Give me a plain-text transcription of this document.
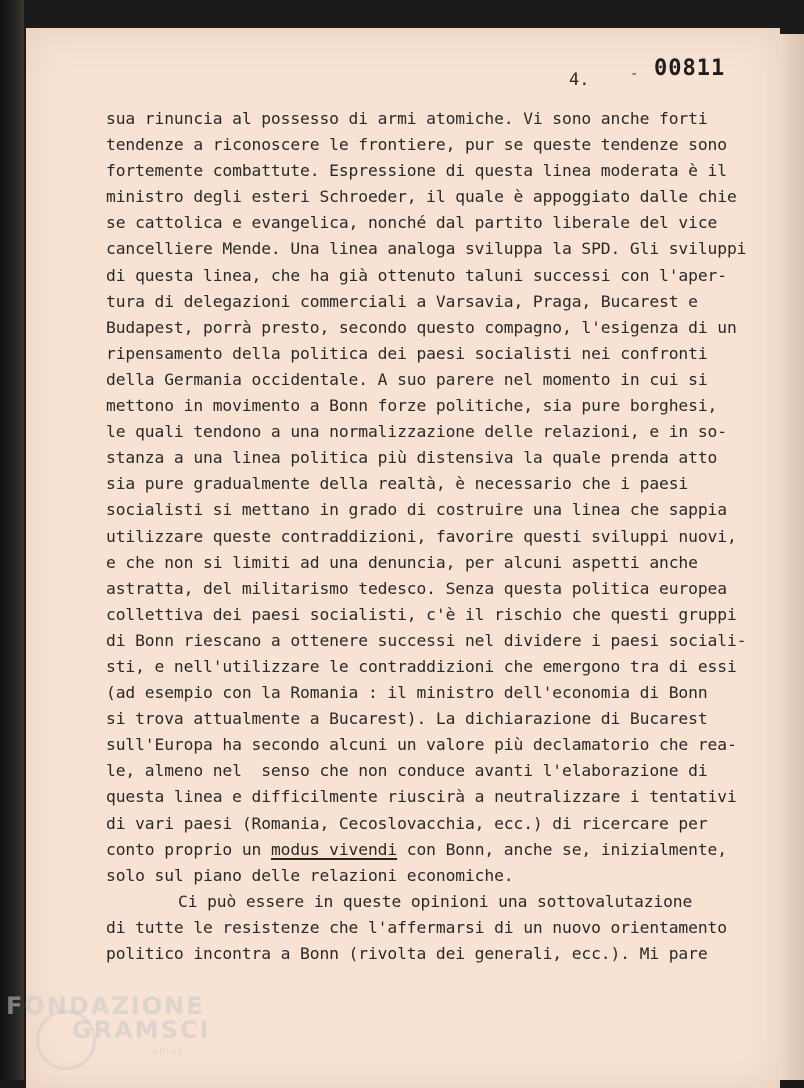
4.	- 00811
sua rinuncia al possesso di armi atomiche. Vi sono anche forti
tendenze a riconoscere le frontiere, pur se queste tendenze sono
fortemente combattute. Espressione di questa linea moderata è il
ministro degli esteri Schroeder, il quale è appoggiato dalle chie
se cattolica e evangelica, nonché dal partito liberale del vice
cancelliere Mende. Una linea analoga sviluppa la SPD. Gli sviluppi
di questa linea, che ha già ottenuto taluni successi con l'aper-
tura di delegazioni commerciali a Varsavia, Praga, Bucarest e
Budapest, porrà presto, secondo questo compagno, l'esigenza di un
ripensamento della politica dei paesi socialisti nei confronti
della Germania occidentale. A suo parere nel momento in cui si
mettono in movimento a Bonn forze politiche, sia pure borghesi,
le quali tendono a una normalizzazione delle relazioni, e in so-
stanza a una linea politica più distensiva la quale prenda atto
sia pure gradualmente della realtà, è necessario che i paesi
socialisti si mettano in grado di costruire una linea che sappia
utilizzare queste contraddizioni, favorire questi sviluppi nuovi,
e che non si limiti ad una denuncia, per alcuni aspetti anche
astratta, del militarismo tedesco. Senza questa politica europea
collettiva dei paesi socialisti, c'è il rischio che questi gruppi
di Bonn riescano a ottenere successi nel dividere i paesi sociali-
sti, e nell'utilizzare le contraddizioni che emergono tra di essi
(ad esempio con la Romania : il ministro dell'economia di Bonn
si trova attualmente a Bucarest). La dichiarazione di Bucarest
sull'Europa ha secondo alcuni un valore più declamatorio che rea-
le, almeno nel  senso che non conduce avanti l'elaborazione di
questa linea e difficilmente riuscirà a neutralizzare i tentativi
di vari paesi (Romania, Cecoslovacchia, ecc.) di ricercare per
conto proprio un modus vivendi con Bonn, anche se, inizialmente,
solo sul piano delle relazioni economiche.
Ci può essere in queste opinioni una sottovalutazione
di tutte le resistenze che l'affermarsi di un nuovo orientamento
politico incontra a Bonn (rivolta dei generali, ecc.). Mi pare
FONDAZIONE
GRAMSCI
onlus
